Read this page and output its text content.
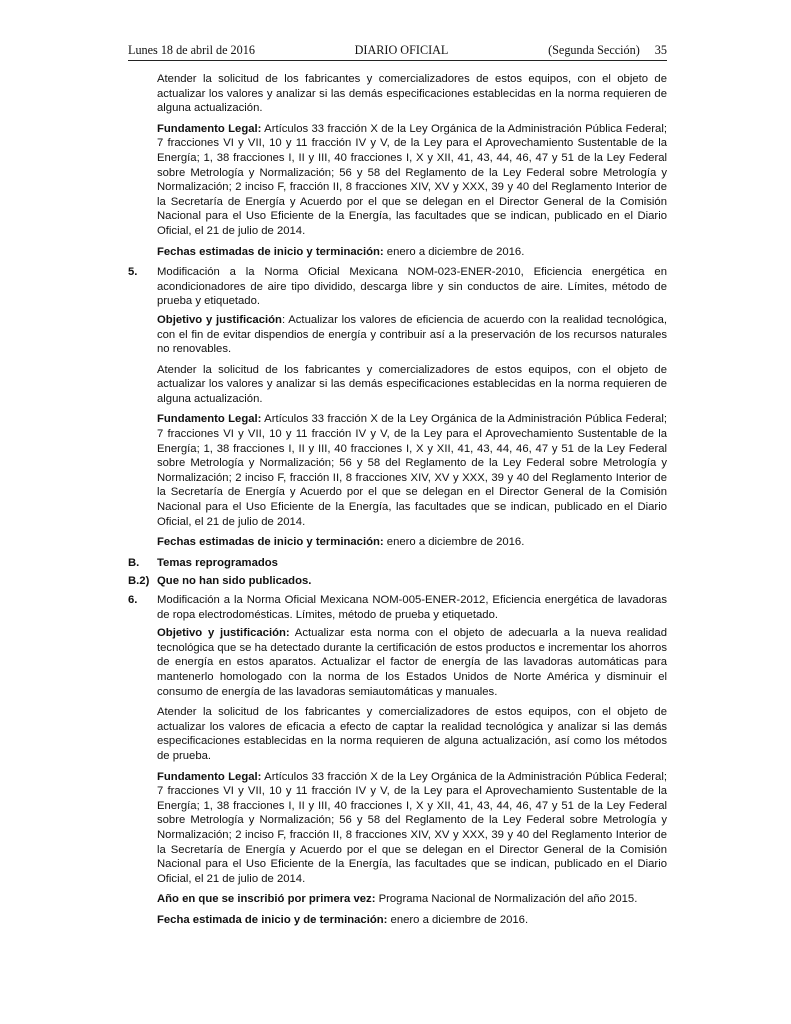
Lunes 18 de abril de 2016	DIARIO OFICIAL	(Segunda Sección) 35

Atender la solicitud de los fabricantes y comercializadores de estos equipos, con el objeto de actualizar los valores y analizar si las demás especificaciones establecidas en la norma requieren de alguna actualización.

Fundamento Legal: Artículos 33 fracción X de la Ley Orgánica de la Administración Pública Federal; 7 fracciones VI y VII, 10 y 11 fracción IV y V, de la Ley para el Aprovechamiento Sustentable de la Energía; 1, 38 fracciones I, II y III, 40 fracciones I, X y XII, 41, 43, 44, 46, 47 y 51 de la Ley Federal sobre Metrología y Normalización; 56 y 58 del Reglamento de la Ley Federal sobre Metrología y Normalización; 2 inciso F, fracción II, 8 fracciones XIV, XV y XXX, 39 y 40 del Reglamento Interior de la Secretaría de Energía y Acuerdo por el que se delegan en el Director General de la Comisión Nacional para el Uso Eficiente de la Energía, las facultades que se indican, publicado en el Diario Oficial, el 21 de julio de 2014.

Fechas estimadas de inicio y terminación: enero a diciembre de 2016.

5.	Modificación a la Norma Oficial Mexicana NOM-023-ENER-2010, Eficiencia energética en acondicionadores de aire tipo dividido, descarga libre y sin conductos de aire. Límites, método de prueba y etiquetado.

Objetivo y justificación: Actualizar los valores de eficiencia de acuerdo con la realidad tecnológica, con el fin de evitar dispendios de energía y contribuir así a la preservación de los recursos naturales no renovables.

Atender la solicitud de los fabricantes y comercializadores de estos equipos, con el objeto de actualizar los valores y analizar si las demás especificaciones establecidas en la norma requieren de alguna actualización.

Fundamento Legal: Artículos 33 fracción X de la Ley Orgánica de la Administración Pública Federal; 7 fracciones VI y VII, 10 y 11 fracción IV y V, de la Ley para el Aprovechamiento Sustentable de la Energía; 1, 38 fracciones I, II y III, 40 fracciones I, X y XII, 41, 43, 44, 46, 47 y 51 de la Ley Federal sobre Metrología y Normalización; 56 y 58 del Reglamento de la Ley Federal sobre Metrología y Normalización; 2 inciso F, fracción II, 8 fracciones XIV, XV y XXX, 39 y 40 del Reglamento Interior de la Secretaría de Energía y Acuerdo por el que se delegan en el Director General de la Comisión Nacional para el Uso Eficiente de la Energía, las facultades que se indican, publicado en el Diario Oficial, el 21 de julio de 2014.

Fechas estimadas de inicio y terminación: enero a diciembre de 2016.

B.	Temas reprogramados
B.2) Que no han sido publicados.
6.	Modificación a la Norma Oficial Mexicana NOM-005-ENER-2012, Eficiencia energética de lavadoras de ropa electrodomésticas. Límites, método de prueba y etiquetado.

Objetivo y justificación: Actualizar esta norma con el objeto de adecuarla a la nueva realidad tecnológica que se ha detectado durante la certificación de estos productos e incrementar los ahorros de energía en estos aparatos. Actualizar el factor de energía de las lavadoras automáticas para mantenerlo homologado con la norma de los Estados Unidos de Norte América y disminuir el consumo de energía de las lavadoras semiautomáticas y manuales.

Atender la solicitud de los fabricantes y comercializadores de estos equipos, con el objeto de actualizar los valores de eficacia a efecto de captar la realidad tecnológica y analizar si las demás especificaciones establecidas en la norma requieren de alguna actualización, así como los métodos de prueba.

Fundamento Legal: Artículos 33 fracción X de la Ley Orgánica de la Administración Pública Federal; 7 fracciones VI y VII, 10 y 11 fracción IV y V, de la Ley para el Aprovechamiento Sustentable de la Energía; 1, 38 fracciones I, II y III, 40 fracciones I, X y XII, 41, 43, 44, 46, 47 y 51 de la Ley Federal sobre Metrología y Normalización; 56 y 58 del Reglamento de la Ley Federal sobre Metrología y Normalización; 2 inciso F, fracción II, 8 fracciones XIV, XV y XXX, 39 y 40 del Reglamento Interior de la Secretaría de Energía y Acuerdo por el que se delegan en el Director General de la Comisión Nacional para el Uso Eficiente de la Energía, las facultades que se indican, publicado en el Diario Oficial, el 21 de julio de 2014.

Año en que se inscribió por primera vez: Programa Nacional de Normalización del año 2015.

Fecha estimada de inicio y de terminación: enero a diciembre de 2016.
